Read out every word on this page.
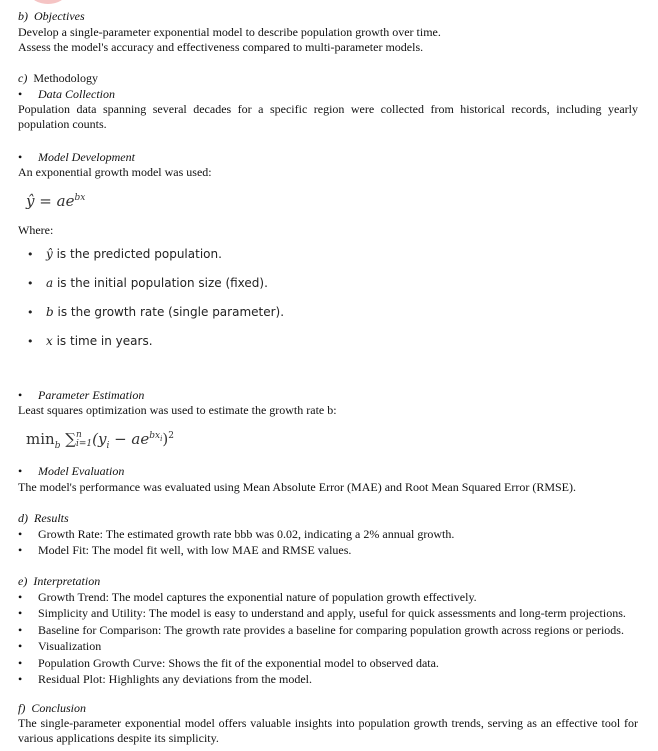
b) Objectives
Develop a single-parameter exponential model to describe population growth over time.
Assess the model's accuracy and effectiveness compared to multi-parameter models.
c) Methodology
• Data Collection
Population data spanning several decades for a specific region were collected from historical records, including yearly population counts.
• Model Development
An exponential growth model was used:
ŷ = $ae^{bx}$
Where:
• ŷ is the predicted population.
• a is the initial population size (fixed).
• b is the growth rate (single parameter).
• x is time in years.
• Parameter Estimation
Least squares optimization was used to estimate the growth rate b:
$\min_b$ ∑ n
i=1 $(y_i - ae^{bx_i})^2$
• Model Evaluation
The model's performance was evaluated using Mean Absolute Error (MAE) and Root Mean Squared Error (RMSE).
d) Results
• Growth Rate: The estimated growth rate bbb was 0.02, indicating a 2% annual growth.
• Model Fit: The model fit well, with low MAE and RMSE values.
e) Interpretation
• Growth Trend: The model captures the exponential nature of population growth effectively.
• Simplicity and Utility: The model is easy to understand and apply, useful for quick assessments and long-term projections.
• Baseline for Comparison: The growth rate provides a baseline for comparing population growth across regions or periods.
• Visualization
• Population Growth Curve: Shows the fit of the exponential model to observed data.
• Residual Plot: Highlights any deviations from the model.
f) Conclusion
The single-parameter exponential model offers valuable insights into population growth trends, serving as an effective tool for various applications despite its simplicity.
